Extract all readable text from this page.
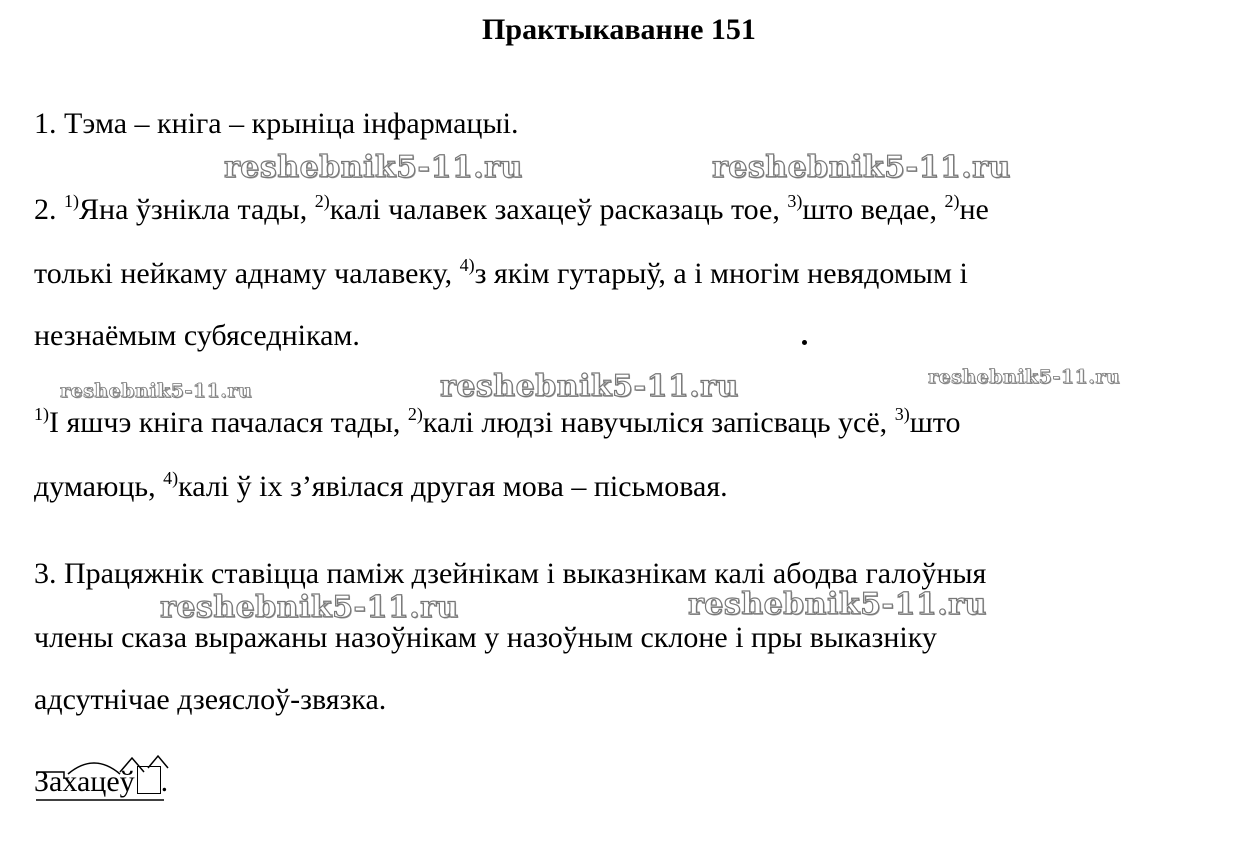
Практыкаванне 151
1. Тэма – кніга – крыніца інфармацыі.
2. $^{1)}$Яна ўзнікла тады, $^{2)}$калі чалавек захацеў расказаць тое, $^{3)}$што ведае, $^{2)}$не
толькі нейкаму аднаму чалавеку, $^{4)}$з якім гутарыў, а і многім невядомым і
незнаёмым субяседнікам.
$^{1)}$І яшчэ кніга пачалася тады, $^{2)}$калі людзі навучыліся запісваць усё, $^{3)}$што
думаюць, $^{4)}$калі ў іх з’явілася другая мова – пісьмовая.
3. Працяжнік ставіцца паміж дзейнікам і выказнікам калі абодва галоўныя
члены сказа выражаны назоўнікам у назоўным склоне і пры выказніку
адсутнічае дзеяслоў-звязка.
Захацеў .
reshebnik5-11.ru	reshebnik5-11.ru
reshebnik5-11.ru	reshebnik5-11.ru	reshebnik5-11.ru
reshebnik5-11.ru	reshebnik5-11.ru
